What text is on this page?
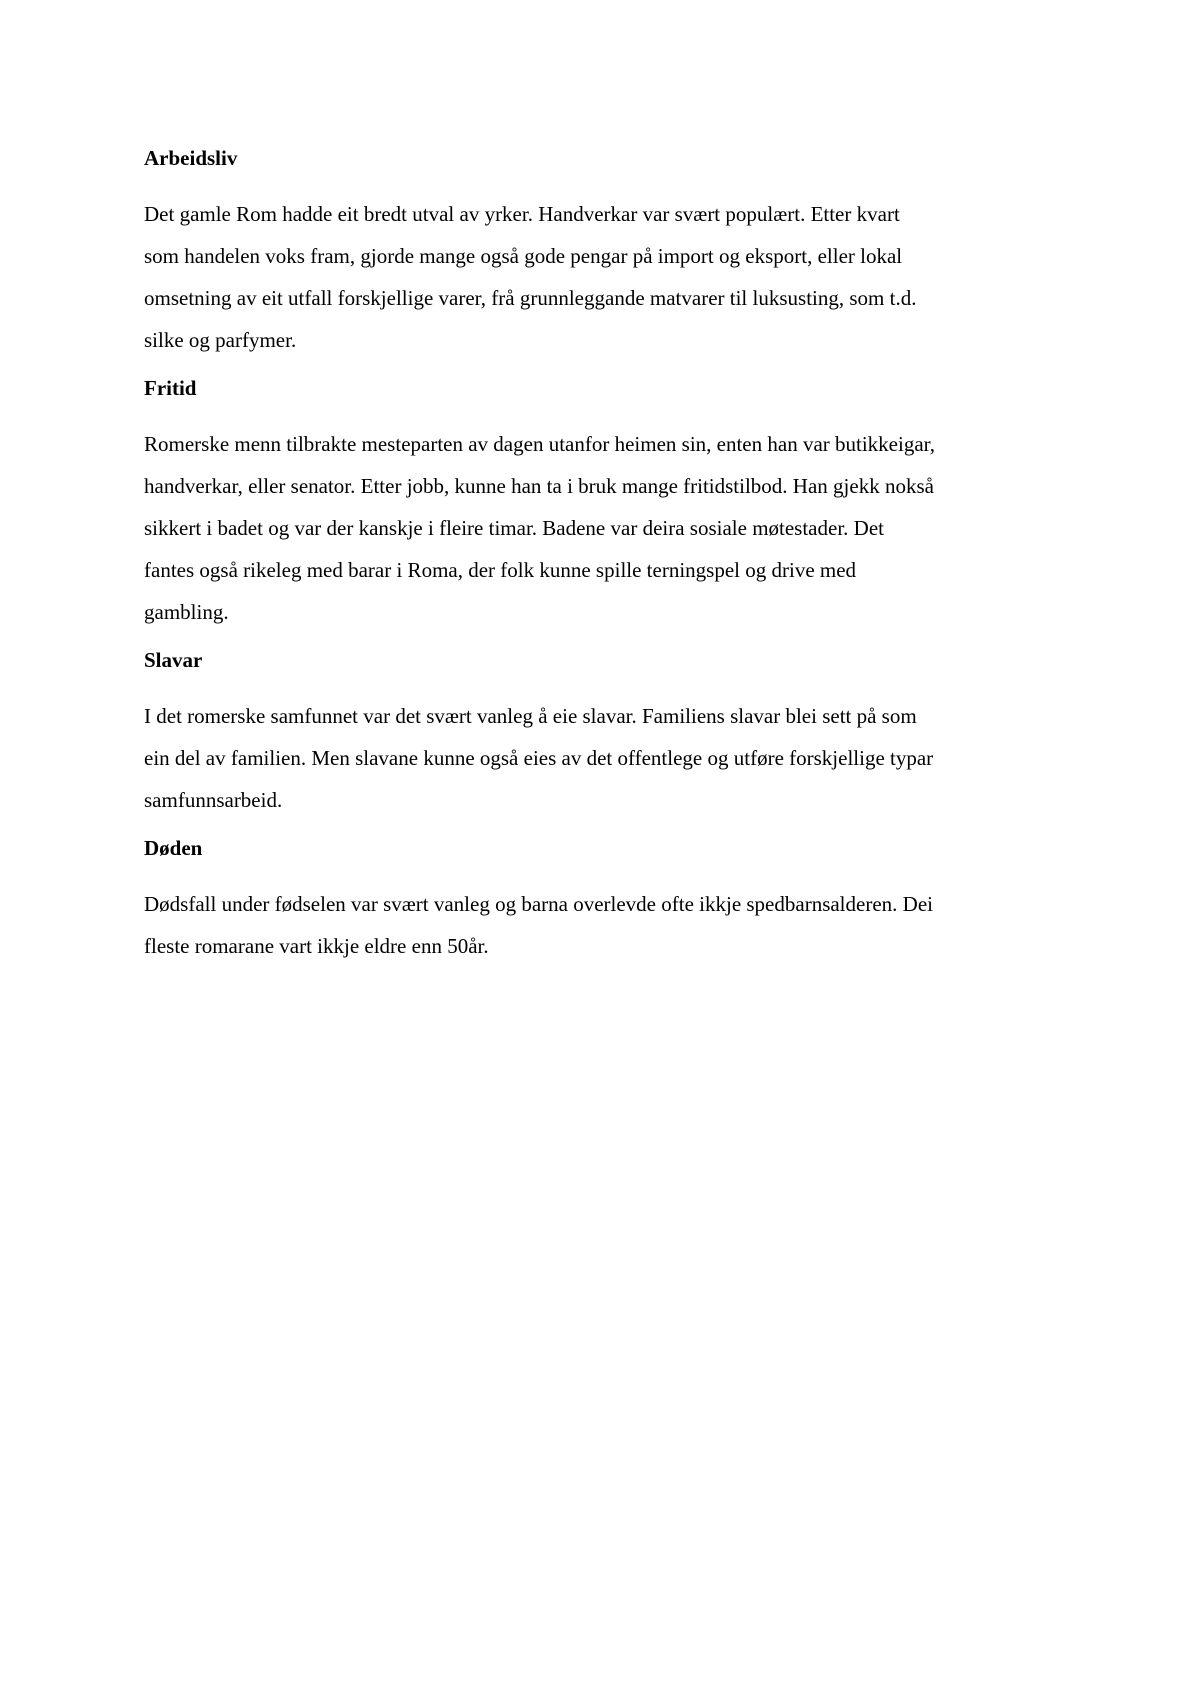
Arbeidsliv

Det gamle Rom hadde eit bredt utval av yrker. Handverkar var svært populært. Etter kvart
som handelen voks fram, gjorde mange også gode pengar på import og eksport, eller lokal
omsetning av eit utfall forskjellige varer, frå grunnleggande matvarer til luksusting, som t.d.
silke og parfymer.

Fritid

Romerske menn tilbrakte mesteparten av dagen utanfor heimen sin, enten han var butikkeigar,
handverkar, eller senator. Etter jobb, kunne han ta i bruk mange fritidstilbod. Han gjekk nokså
sikkert i badet og var der kanskje i fleire timar. Badene var deira sosiale møtestader. Det
fantes også rikeleg med barar i Roma, der folk kunne spille terningspel og drive med
gambling.

Slavar

I det romerske samfunnet var det svært vanleg å eie slavar. Familiens slavar blei sett på som
ein del av familien. Men slavane kunne også eies av det offentlege og utføre forskjellige typar
samfunnsarbeid.

Døden

Dødsfall under fødselen var svært vanleg og barna overlevde ofte ikkje spedbarnsalderen. Dei
fleste romarane vart ikkje eldre enn 50år.
